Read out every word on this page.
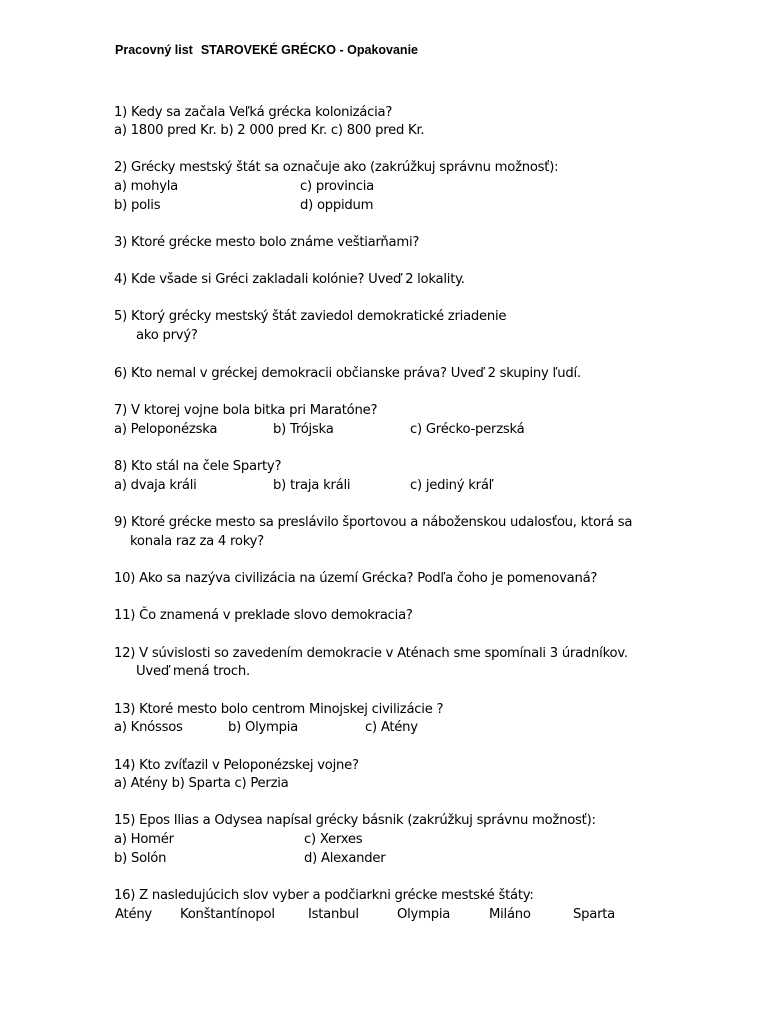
Pracovný list STAROVEKÉ GRÉCKO - Opakovanie
1) Kedy sa začala Veľká grécka kolonizácia?
a) 1800 pred Kr. b) 2 000 pred Kr. c) 800 pred Kr.
2) Grécky mestský štát sa označuje ako (zakrúžkuj správnu možnosť):
a) mohyla	c) provincia
b) polis	d) oppidum
3) Ktoré grécke mesto bolo známe veštiarňami?
4) Kde všade si Gréci zakladali kolónie? Uveď 2 lokality.
5) Ktorý grécky mestský štát zaviedol demokratické zriadenie
ako prvý?
6) Kto nemal v gréckej demokracii občianske práva? Uveď 2 skupiny ľudí.
7) V ktorej vojne bola bitka pri Maratóne?
a) Peloponézska	b) Trójska	c) Grécko-perzská
8) Kto stál na čele Sparty?
a) dvaja králi	b) traja králi	c) jediný kráľ
9) Ktoré grécke mesto sa preslávilo športovou a náboženskou udalosťou, ktorá sa
konala raz za 4 roky?
10) Ako sa nazýva civilizácia na území Grécka? Podľa čoho je pomenovaná?
11) Čo znamená v preklade slovo demokracia?
12) V súvislosti so zavedením demokracie v Aténach sme spomínali 3 úradníkov.
Uveď mená troch.
13) Ktoré mesto bolo centrom Minojskej civilizácie ?
a) Knóssos	b) Olympia	c) Atény
14) Kto zvíťazil v Peloponézskej vojne?
a) Atény b) Sparta c) Perzia
15) Epos Ilias a Odysea napísal grécky básnik (zakrúžkuj správnu možnosť):
a) Homér	c) Xerxes
b) Solón	d) Alexander
16) Z nasledujúcich slov vyber a podčiarkni grécke mestské štáty:
Atény Konštantínopol	Istanbul	Olympia	Miláno	Sparta
